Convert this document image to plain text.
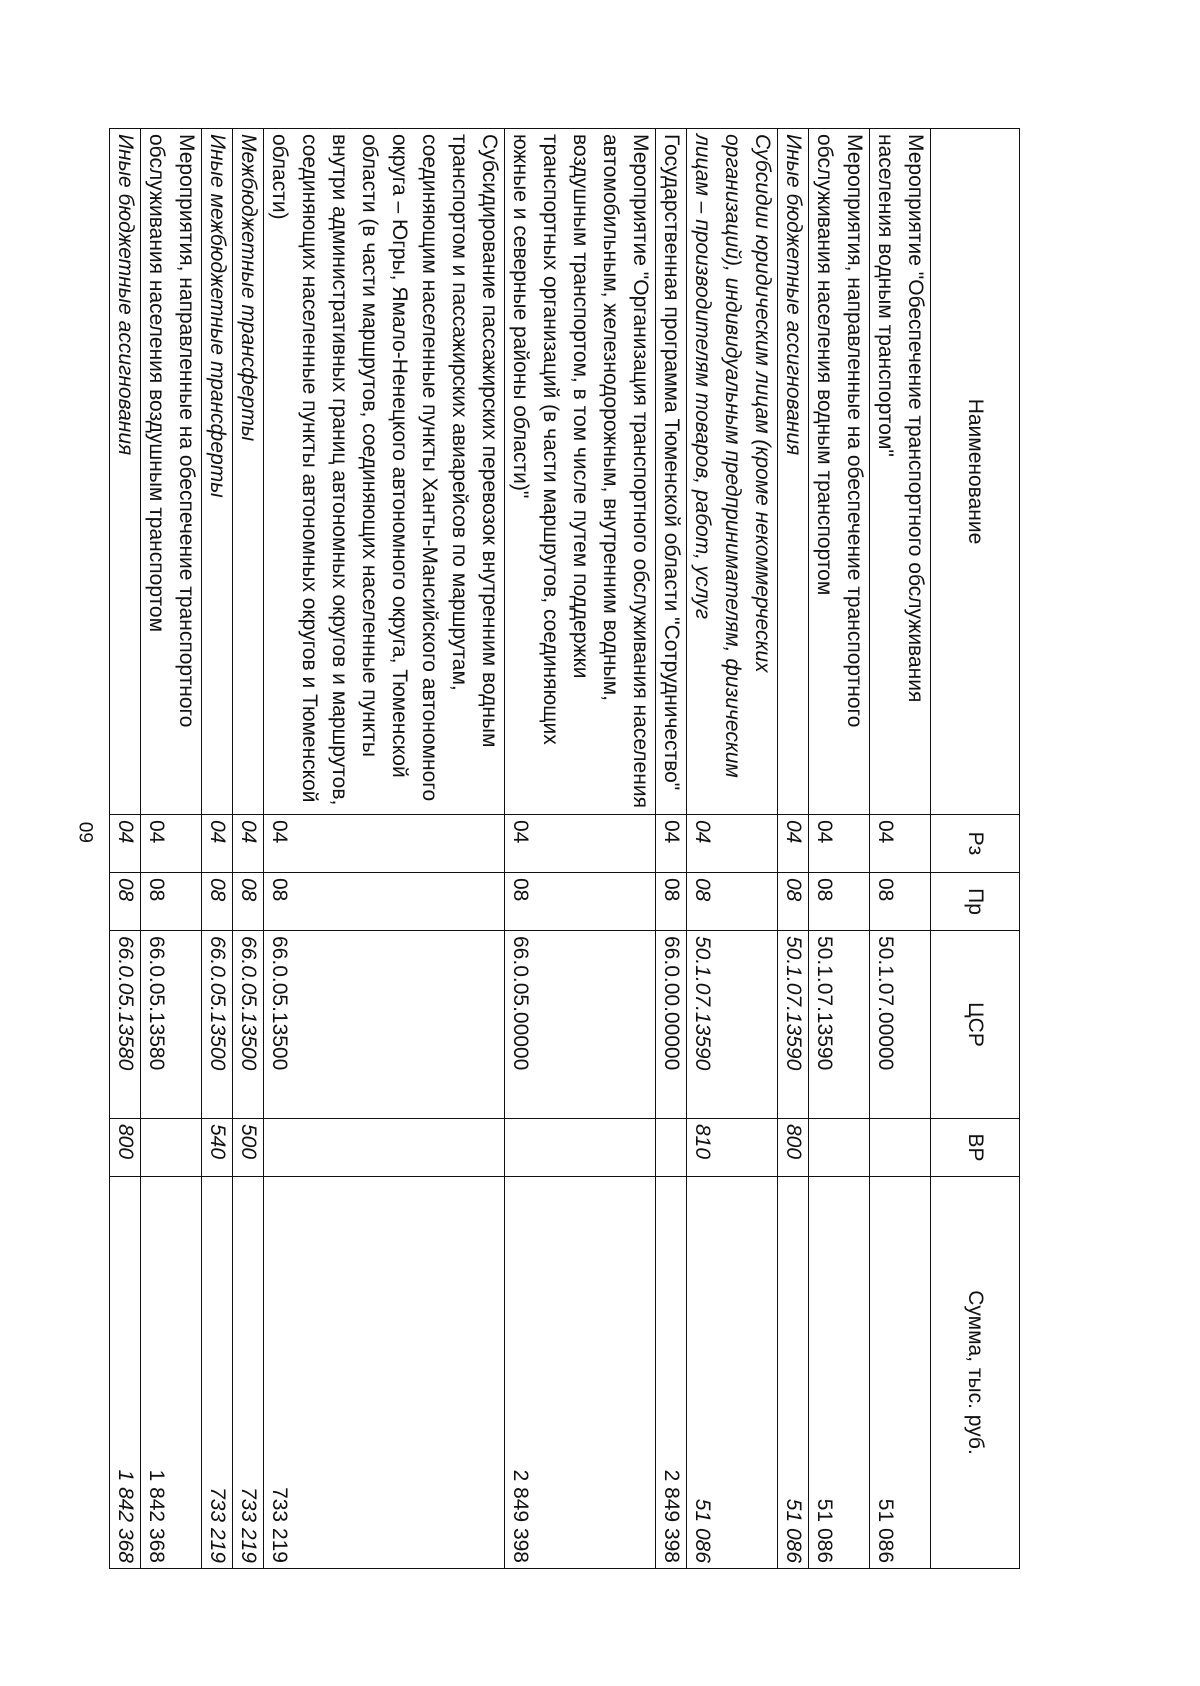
60
Наименование	Рз	Пр	ЦСР	ВР	Сумма, тыс. руб.
Мероприятие "Обеспечение транспортного обслуживания населения водным транспортом"	04	08	50.1.07.00000		51 086
Мероприятия, направленные на обеспечение транспортного обслуживания населения водным транспортом	04	08	50.1.07.13590		51 086
Иные бюджетные ассигнования	04	08	50.1.07.13590	800	51 086
Субсидии юридическим лицам (кроме некоммерческих организаций), индивидуальным предпринимателям, физическим лицам – производителям товаров, работ, услуг	04	08	50.1.07.13590	810	51 086
Государственная программа Тюменской области "Сотрудничество"	04	08	66.0.00.00000		2 849 398
Мероприятие "Организация транспортного обслуживания населения автомобильным, железнодорожным, внутренним водным, воздушным транспортом, в том числе путем поддержки транспортных организаций (в части маршрутов, соединяющих южные и северные районы области)"	04	08	66.0.05.00000		2 849 398
Субсидирование пассажирских перевозок внутренним водным транспортом и пассажирских авиарейсов по маршрутам, соединяющим населенные пункты Ханты-Мансийского автономного округа – Югры, Ямало-Ненецкого автономного округа, Тюменской области (в части маршрутов, соединяющих населенные пункты внутри административных границ автономных округов и маршрутов, соединяющих населенные пункты автономных округов и Тюменской области)	04	08	66.0.05.13500		733 219
Межбюджетные трансферты	04	08	66.0.05.13500	500	733 219
Иные межбюджетные трансферты	04	08	66.0.05.13500	540	733 219
Мероприятия, направленные на обеспечение транспортного обслуживания населения воздушным транспортом	04	08	66.0.05.13580		1 842 368
Иные бюджетные ассигнования	04	08	66.0.05.13580	800	1 842 368
